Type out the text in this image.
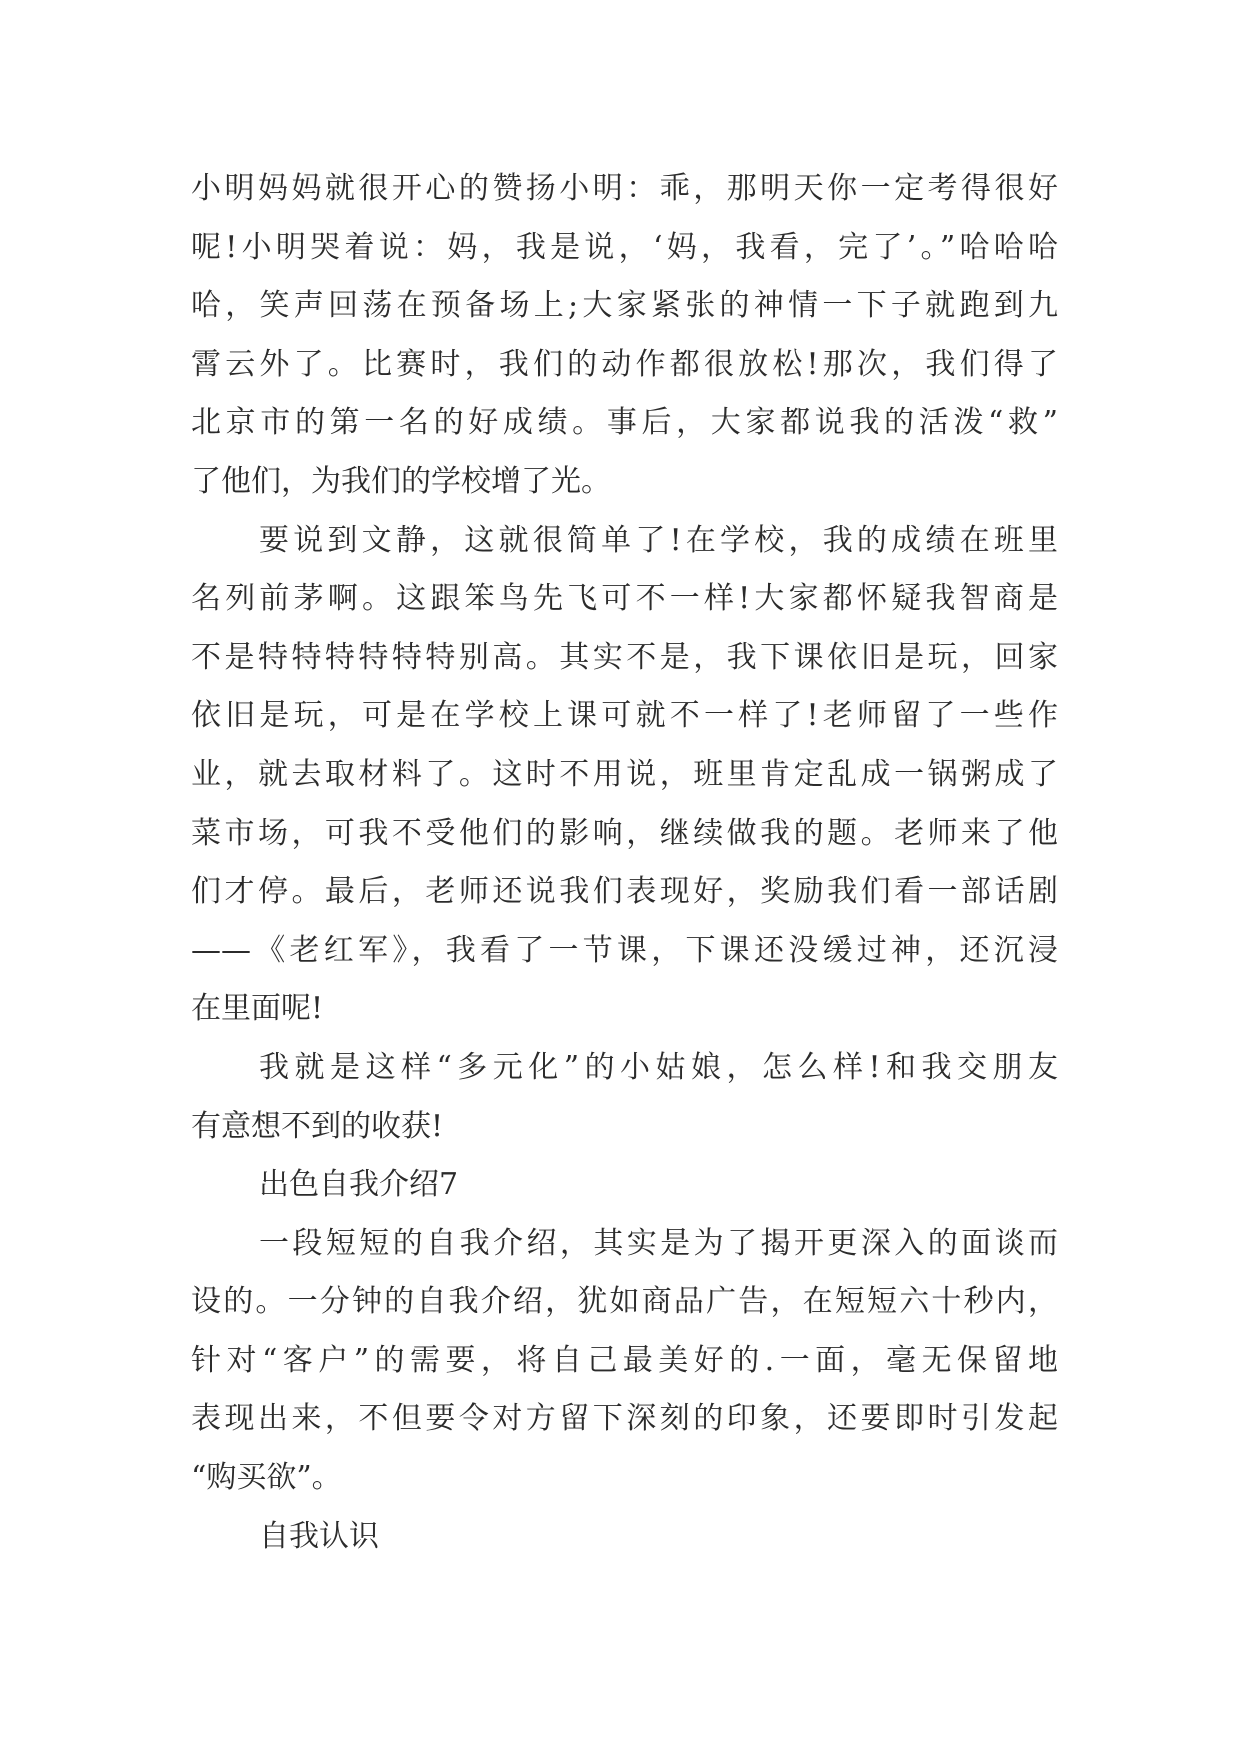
小明妈妈就很开心的赞扬小明：乖，那明天你一定考得很好
呢!小明哭着说：妈，我是说，‘妈，我看，完了’。”哈哈哈
哈，笑声回荡在预备场上;大家紧张的神情一下子就跑到九
霄云外了。比赛时，我们的动作都很放松!那次，我们得了
北京市的第一名的好成绩。事后，大家都说我的活泼“救”
了他们，为我们的学校增了光。
要说到文静，这就很简单了!在学校，我的成绩在班里
名列前茅啊。这跟笨鸟先飞可不一样!大家都怀疑我智商是
不是特特特特特特别高。其实不是，我下课依旧是玩，回家
依旧是玩，可是在学校上课可就不一样了!老师留了一些作
业，就去取材料了。这时不用说，班里肯定乱成一锅粥成了
菜市场，可我不受他们的影响，继续做我的题。老师来了他
们才停。最后，老师还说我们表现好，奖励我们看一部话剧
——《老红军》，我看了一节课，下课还没缓过神，还沉浸
在里面呢!
我就是这样“多元化”的小姑娘，怎么样!和我交朋友
有意想不到的收获!
出色自我介绍7
一段短短的自我介绍，其实是为了揭开更深入的面谈而
设的。一分钟的自我介绍，犹如商品广告，在短短六十秒内，
针对“客户”的需要，将自己最美好的.一面，毫无保留地
表现出来，不但要令对方留下深刻的印象，还要即时引发起
“购买欲”。
自我认识
